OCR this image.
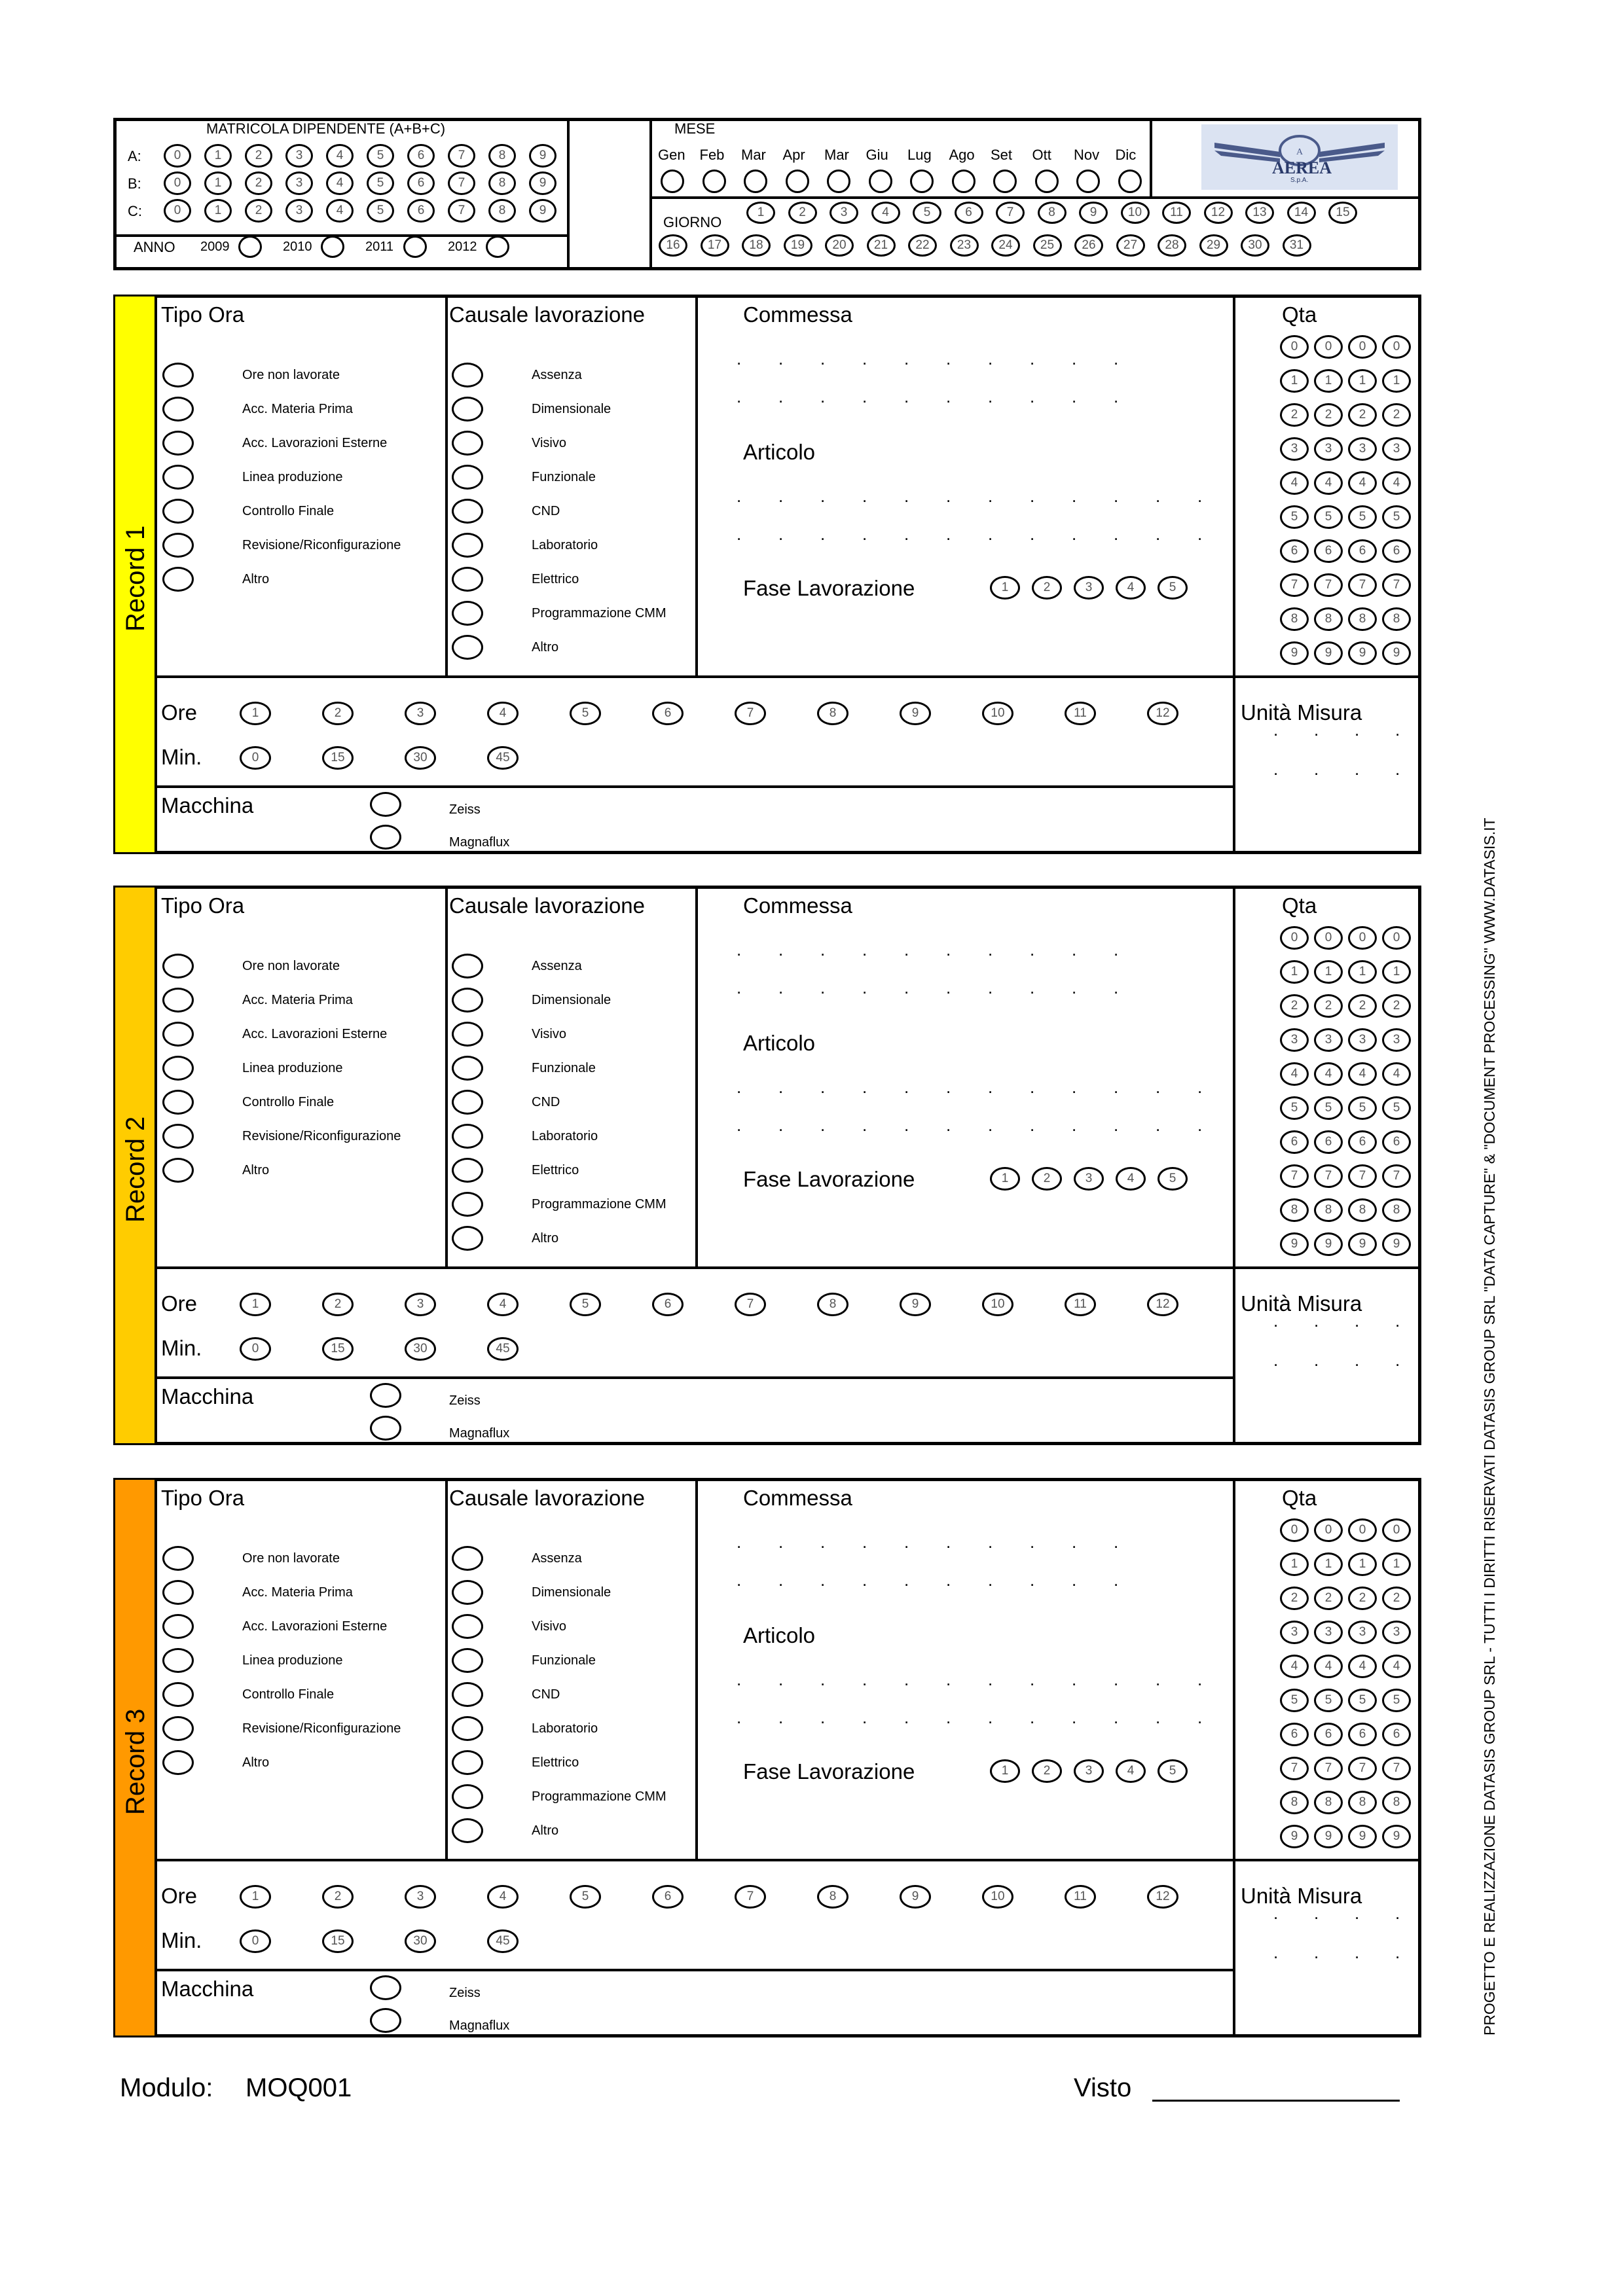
MATRICOLA DIPENDENTE (A+B+C)
A:	0	1	2	3	4	5	6	7	8	9
B:	0	1	2	3	4	5	6	7	8	9
C:	0	1	2	3	4	5	6	7	8	9
ANNO 2009	2010	2011	2012
MESE
Gen Feb Mar Apr Mar Giu Lug Ago Set Ott Nov Dic
GIORNO
1	2	3	4	5	6	7	8	9	10	11	12	13	14	15
16	17	18	19	20	21	22	23	24	25	26	27	28	29	30	31
A
AEREA
S.p.A.
Record 1
Tipo Ora
Ore non lavorate
Acc. Materia Prima
Acc. Lavorazioni Esterne
Linea produzione
Controllo Finale
Revisione/Riconfigurazione
Altro
Causale lavorazione
Assenza
Dimensionale
Visivo
Funzionale
CND
Laboratorio
Elettrico
Programmazione CMM
Altro
Commessa
. . . . . . . . . .
. . . . . . . . . .
Articolo
. . . . . . . . . . . .
. . . . . . . . . . . .
Fase Lavorazione	1	2	3	4	5
Qta
0	0	0	0
1	1	1	1
2	2	2	2
3	3	3	3
4	4	4	4
5	5	5	5
6	6	6	6
7	7	7	7
8	8	8	8
9	9	9	9
Ore	1	2	3	4	5	6	7	8	9	10	11	12
Min.	0	15	30	45
Unità Misura
. . . .
. . . .
Macchina	Zeiss
Magnaflux
Record 2
Tipo Ora
Ore non lavorate
Acc. Materia Prima
Acc. Lavorazioni Esterne
Linea produzione
Controllo Finale
Revisione/Riconfigurazione
Altro
Causale lavorazione
Assenza
Dimensionale
Visivo
Funzionale
CND
Laboratorio
Elettrico
Programmazione CMM
Altro
Commessa
. . . . . . . . . .
. . . . . . . . . .
Articolo
. . . . . . . . . . . .
. . . . . . . . . . . .
Fase Lavorazione	1	2	3	4	5
Qta
0	0	0	0
1	1	1	1
2	2	2	2
3	3	3	3
4	4	4	4
5	5	5	5
6	6	6	6
7	7	7	7
8	8	8	8
9	9	9	9
Ore	1	2	3	4	5	6	7	8	9	10	11	12
Min.	0	15	30	45
Unità Misura
. . . .
. . . .
Macchina	Zeiss
Magnaflux
Record 3
Tipo Ora
Ore non lavorate
Acc. Materia Prima
Acc. Lavorazioni Esterne
Linea produzione
Controllo Finale
Revisione/Riconfigurazione
Altro
Causale lavorazione
Assenza
Dimensionale
Visivo
Funzionale
CND
Laboratorio
Elettrico
Programmazione CMM
Altro
Commessa
. . . . . . . . . .
. . . . . . . . . .
Articolo
. . . . . . . . . . . .
. . . . . . . . . . . .
Fase Lavorazione	1	2	3	4	5
Qta
0	0	0	0
1	1	1	1
2	2	2	2
3	3	3	3
4	4	4	4
5	5	5	5
6	6	6	6
7	7	7	7
8	8	8	8
9	9	9	9
Ore	1	2	3	4	5	6	7	8	9	10	11	12
Min.	0	15	30	45
Unità Misura
. . . .
. . . .
Macchina	Zeiss
Magnaflux
Modulo: MOQ001	Visto
PROGETTO E REALIZZAZIONE DATASIS GROUP SRL - TUTTI I DIRITTI RISERVATI DATASIS GROUP SRL "DATA CAPTURE" & "DOCUMENT PROCESSING" WWW.DATASIS.IT
